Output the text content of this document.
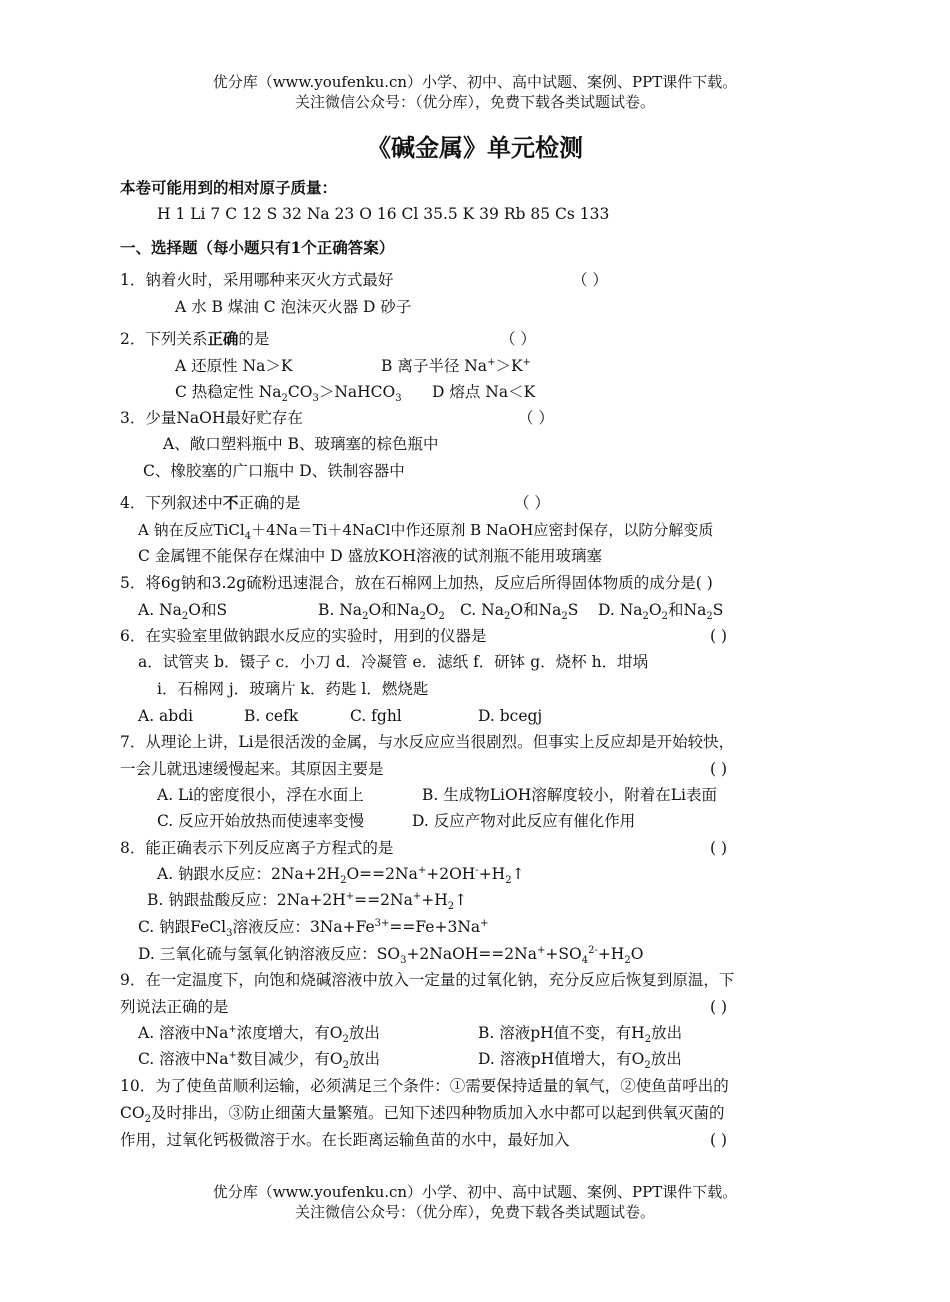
优分库（www.youfenku.cn）小学、初中、高中试题、案例、PPT课件下载。
关注微信公众号：（优分库），免费下载各类试题试卷。
《碱金属》单元检测
本卷可能用到的相对原子质量：
H 1 Li 7 C 12 S 32 Na 23 O 16 Cl 35.5 K 39 Rb 85 Cs 133
一、选择题（每小题只有1个正确答案）
1．钠着火时，采用哪种来灭火方式最好	（ ）
A 水 B 煤油 C 泡沫灭火器 D 砂子
2．下列关系正确的是	（ ）
A 还原性 Na＞K	B 离子半径 Na+＞K+
C 热稳定性 $Na_2CO_3>NaHCO_3$ D 熔点 Na＜K
3．少量NaOH最好贮存在	（ ）
A、敞口塑料瓶中 B、玻璃塞的棕色瓶中
C、橡胶塞的广口瓶中 D、铁制容器中
4．下列叙述中不正确的是	（ ）
A 钠在反应TiCl$_4$＋4Na＝Ti＋4NaCl中作还原剂 B NaOH应密封保存，以防分解变质
C 金属锂不能保存在煤油中 D 盛放KOH溶液的试剂瓶不能用玻璃塞
5．将6g钠和3.2g硫粉迅速混合，放在石棉网上加热，反应后所得固体物质的成分是( )
A. $Na_2O$和S	B. $Na_2O$和$Na_2O_2$ C. $Na_2O$和$Na_2S$ D. $Na_2O_2$和$Na_2S$
6．在实验室里做钠跟水反应的实验时，用到的仪器是	( )
a．试管夹 b．镊子 c．小刀 d．冷凝管 e．滤纸 f．研钵 g．烧杯 h．坩埚
i．石棉网 j．玻璃片 k．药匙 l．燃烧匙
A. abdi	B. cefk	C. fghl	D. bcegj
7．从理论上讲，Li是很活泼的金属，与水反应应当很剧烈。但事实上反应却是开始较快，
一会儿就迅速缓慢起来。其原因主要是	( )
A. Li的密度很小，浮在水面上	B. 生成物LiOH溶解度较小，附着在Li表面
C. 反应开始放热而使速率变慢	D. 反应产物对此反应有催化作用
8．能正确表示下列反应离子方程式的是	( )
A. 钠跟水反应：$2Na+2H_2O==2Na^++2OH^-+H_2↑$
B. 钠跟盐酸反应：$2Na+2H^+==2Na^++H_2↑$
C. 钠跟FeCl$_3$溶液反应：$3Na+Fe^{3+}==Fe+3Na^+$
D. 三氧化硫与氢氧化钠溶液反应：$SO_3+2NaOH==2Na^++SO_4^{2-}+H_2O$
9．在一定温度下，向饱和烧碱溶液中放入一定量的过氧化钠，充分反应后恢复到原温，下
列说法正确的是	( )
A. 溶液中Na+浓度增大，有$O_2$放出	B. 溶液pH值不变，有$H_2$放出
C. 溶液中Na+数目减少，有$O_2$放出	D. 溶液pH值增大，有$O_2$放出
10．为了使鱼苗顺利运输，必须满足三个条件：①需要保持适量的氧气，②使鱼苗呼出的
$CO_2$及时排出，③防止细菌大量繁殖。已知下述四种物质加入水中都可以起到供氧灭菌的
作用，过氧化钙极微溶于水。在长距离运输鱼苗的水中，最好加入	( )
优分库（www.youfenku.cn）小学、初中、高中试题、案例、PPT课件下载。
关注微信公众号：（优分库），免费下载各类试题试卷。
